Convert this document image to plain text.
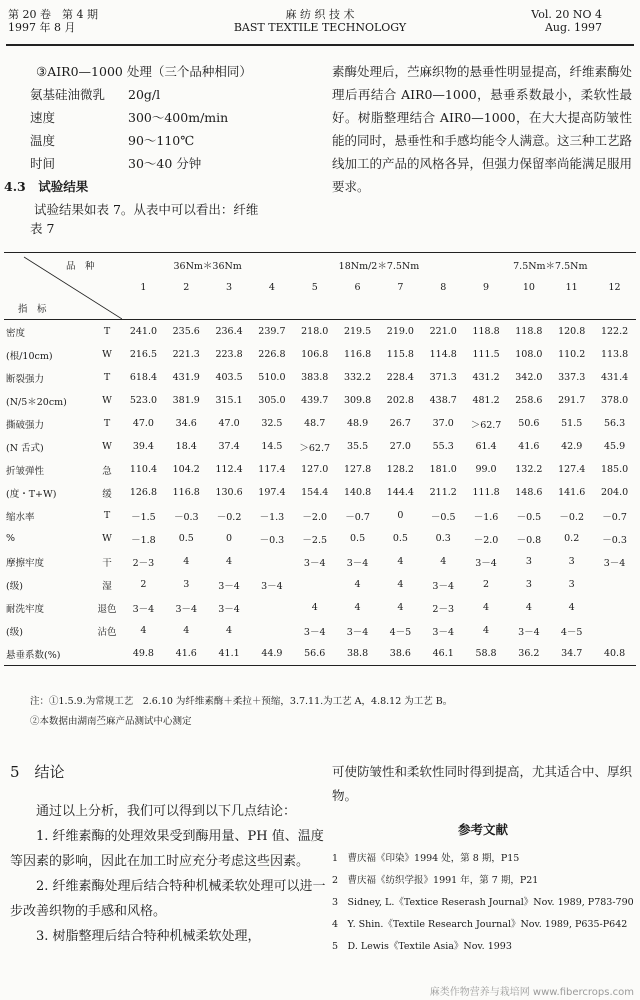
第 20 卷　第 4 期
1997 年 8 月
麻 纺 织 技 术
BAST TEXTILE TECHNOLOGY
Vol. 20 NO 4
Aug. 1997
③AIR0—1000 处理（三个品种相同）
氨基硅油微乳	20g/l
速度	300～400m/min
温度	90～110℃
时间	30～40 分钟
4.3　试验结果
试验结果如表 7。从表中可以看出：纤维
表 7
素酶处理后，苎麻织物的悬垂性明显提高，纤维素酶处理后再结合 AIR0—1000，悬垂系数最小，柔软性最好。树脂整理结合 AIR0—1000，在大大提高防皱性能的同时，悬垂性和手感均能令人满意。这三种工艺路线加工的产品的风格各异，但强力保留率尚能满足服用要求。
品　种
指　标		36Nm＊36Nm				18Nm/2＊7.5Nm				7.5Nm＊7.5Nm			
		1	2	3	4	5	6	7	8	9	10	11	12

密度	T	241.0	235.6	236.4	239.7	218.0	219.5	219.0	221.0	118.8	118.8	120.8	122.2
(根/10cm)	W	216.5	221.3	223.8	226.8	106.8	116.8	115.8	114.8	111.5	108.0	110.2	113.8
断裂强力	T	618.4	431.9	403.5	510.0	383.8	332.2	228.4	371.3	431.2	342.0	337.3	431.4
(N/5＊20cm)	W	523.0	381.9	315.1	305.0	439.7	309.8	202.8	438.7	481.2	258.6	291.7	378.0
撕破强力	T	47.0	34.6	47.0	32.5	48.7	48.9	26.7	37.0	＞62.7	50.6	51.5	56.3
(N 舌式)	W	39.4	18.4	37.4	14.5	＞62.7	35.5	27.0	55.3	61.4	41.6	42.9	45.9
折皱弹性	急	110.4	104.2	112.4	117.4	127.0	127.8	128.2	181.0	99.0	132.2	127.4	185.0
(度・T+W)	缓	126.8	116.8	130.6	197.4	154.4	140.8	144.4	211.2	111.8	148.6	141.6	204.0
缩水率	T	－1.5	－0.3	－0.2	－1.3	－2.0	－0.7	0	－0.5	－1.6	－0.5	－0.2	－0.7
%	W	－1.8	0.5	0	－0.3	－2.5	0.5	0.5	0.3	－2.0	－0.8	0.2	－0.3
摩擦牢度	干	2－3	4	4		3－4	3－4	4	4	3－4	3	3	3－4
(级)	湿	2	3	3－4	3－4		4	4	3－4	2	3	3	
耐洗牢度	退色	3－4	3－4	3－4		4	4	4	2－3	4	4	4	
(级)	沾色	4	4	4		3－4	3－4	4－5	3－4	4	3－4	4－5	
悬垂系数(%)		49.8	41.6	41.1	44.9	56.6	38.8	38.6	46.1	58.8	36.2	34.7	40.8
注：①1.5.9.为常规工艺　2.6.10 为纤维素酶＋柔拉＋预缩，3.7.11.为工艺 A，4.8.12 为工艺 B。
②本数据由湖南苎麻产品测试中心测定
5　结论

通过以上分析，我们可以得到以下几点结论：

1. 纤维素酶的处理效果受到酶用量、PH 值、温度等因素的影响，因此在加工时应充分考虑这些因素。

2. 纤维素酶处理后结合特种机械柔软处理可以进一步改善织物的手感和风格。

3. 树脂整理后结合特种机械柔软处理，

可使防皱性和柔软性同时得到提高，尤其适合中、厚织物。
参考文献
1　曹庆福《印染》1994 处，第 8 期，P15
2　曹庆福《纺织学报》1991 年，第 7 期，P21
3　Sidney, L.《Textice Reserash Journal》Nov. 1989, P783-790
4　Y. Shin.《Textile Research Journal》Nov. 1989, P635-P642
5　D. Lewis《Textile Asia》Nov. 1993
麻类作物营养与栽培网 www.fibercrops.com
